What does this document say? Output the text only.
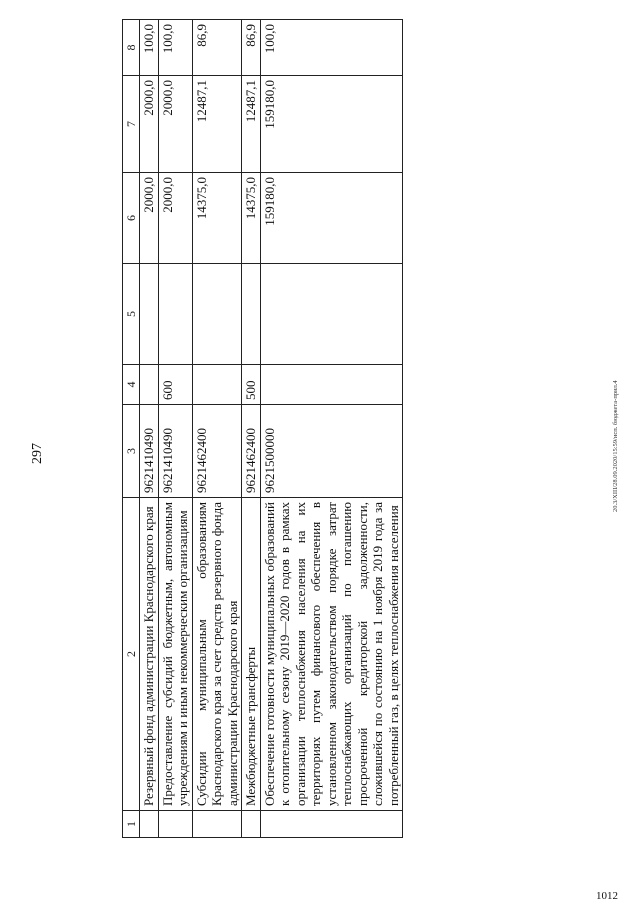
297
1	2	3	4	5	6	7	8
	Резервный фонд администрации Краснодарского края	9621410490			2000,0	2000,0	100,0
	Предоставление субсидий бюджетным, автономным учреждениям и иным некоммерческим организациям	9621410490	600		2000,0	2000,0	100,0
	Субсидии муниципальным образованиям Краснодарского края за счет средств резервного фонда администрации Краснодарского края	9621462400			14375,0	12487,1	86,9
	Межбюджетные трансферты	9621462400	500		14375,0	12487,1	86,9
	Обеспечение готовности муниципальных образований к отопительному сезону 2019—2020 годов в рамках организации теплоснабжения населения на их территориях путем финансового обеспечения в установленном законодательством порядке затрат теплоснабжающих организаций по погашению просроченной кредиторской задолженности, сложившейся по состоянию на 1 ноября 2019 года за потребленный газ, в целях теплоснабжения населения	9621500000			159180,0	159180,0	100,0
20.3/XIII/28.09.2020/15:59/исп. бюджета-прил.4
1012
